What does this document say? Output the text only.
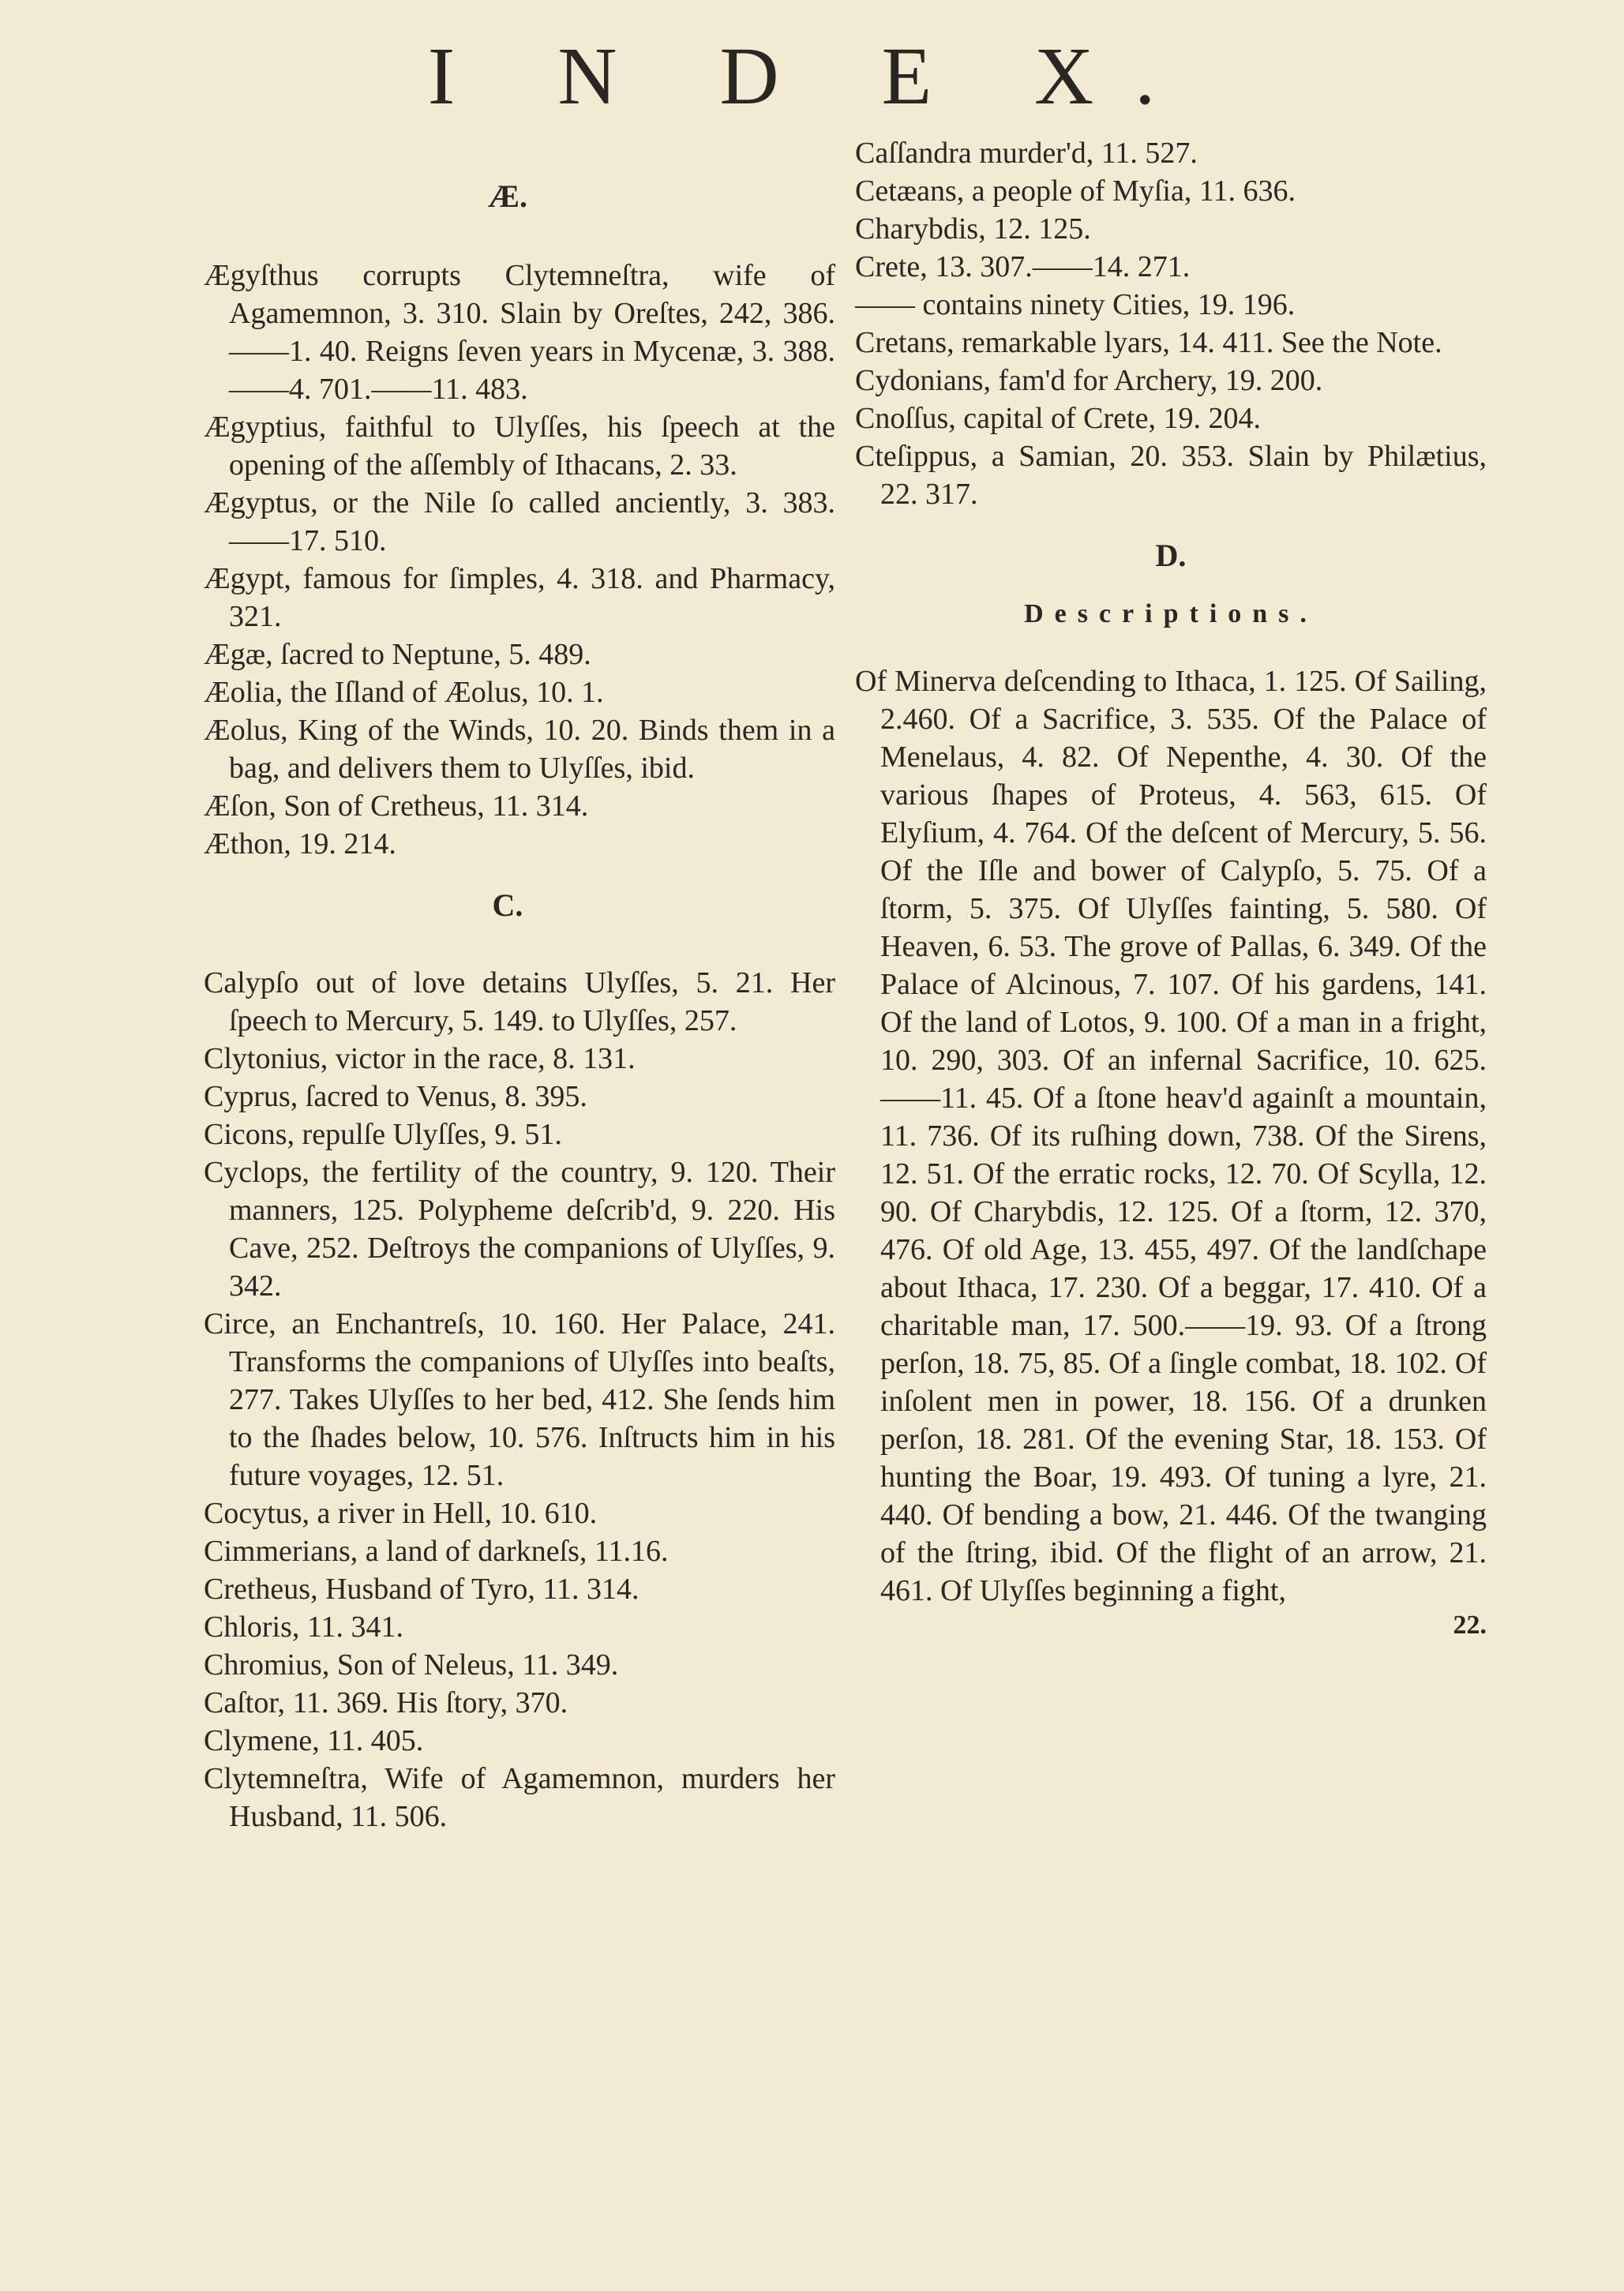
I N D E X.
Æ.

Ægyſthus corrupts Clytemneſtra, wife of Agamemnon, 3. 310. Slain by Oreſtes, 242, 386.——1. 40. Reigns ſeven years in Mycenæ, 3. 388.——4. 701.——11. 483.

Ægyptius, faithful to Ulyſſes, his ſpeech at the opening of the aſſembly of Ithacans, 2. 33.

Ægyptus, or the Nile ſo called anciently, 3. 383.——17. 510.

Ægypt, famous for ſimples, 4. 318. and Pharmacy, 321.

Ægæ, ſacred to Neptune, 5. 489.

Æolia, the Iſland of Æolus, 10. 1.

Æolus, King of the Winds, 10. 20. Binds them in a bag, and delivers them to Ulyſſes, ibid.

Æſon, Son of Cretheus, 11. 314.

Æthon, 19. 214.

C.

Calypſo out of love detains Ulyſſes, 5. 21. Her ſpeech to Mercury, 5. 149. to Ulyſſes, 257.

Clytonius, victor in the race, 8. 131.

Cyprus, ſacred to Venus, 8. 395.

Cicons, repulſe Ulyſſes, 9. 51.

Cyclops, the fertility of the country, 9. 120. Their manners, 125. Polypheme deſcrib'd, 9. 220. His Cave, 252. Deſtroys the companions of Ulyſſes, 9. 342.

Circe, an Enchantreſs, 10. 160. Her Palace, 241. Transforms the companions of Ulyſſes into beaſts, 277. Takes Ulyſſes to her bed, 412. She ſends him to the ſhades below, 10. 576. Inſtructs him in his future voyages, 12. 51.

Cocytus, a river in Hell, 10. 610.

Cimmerians, a land of darkneſs, 11.16.

Cretheus, Husband of Tyro, 11. 314.

Chloris, 11. 341.

Chromius, Son of Neleus, 11. 349.

Caſtor, 11. 369. His ſtory, 370.

Clymene, 11. 405.

Clytemneſtra, Wife of Agamemnon, murders her Husband, 11. 506.

Caſſandra murder'd, 11. 527.

Cetæans, a people of Myſia, 11. 636.

Charybdis, 12. 125.

Crete, 13. 307.——14. 271.

—— contains ninety Cities, 19. 196.

Cretans, remarkable lyars, 14. 411. See the Note.

Cydonians, fam'd for Archery, 19. 200.

Cnoſſus, capital of Crete, 19. 204.

Cteſippus, a Samian, 20. 353. Slain by Philætius, 22. 317.

D.
Descriptions.

Of Minerva deſcending to Ithaca, 1. 125. Of Sailing, 2.460. Of a Sacrifice, 3. 535. Of the Palace of Menelaus, 4. 82. Of Nepenthe, 4. 30. Of the various ſhapes of Proteus, 4. 563, 615. Of Elyſium, 4. 764. Of the deſcent of Mercury, 5. 56. Of the Iſle and bower of Calypſo, 5. 75. Of a ſtorm, 5. 375. Of Ulyſſes fainting, 5. 580. Of Heaven, 6. 53. The grove of Pallas, 6. 349. Of the Palace of Alcinous, 7. 107. Of his gardens, 141. Of the land of Lotos, 9. 100. Of a man in a fright, 10. 290, 303. Of an infernal Sacrifice, 10. 625.——11. 45. Of a ſtone heav'd againſt a mountain, 11. 736. Of its ruſhing down, 738. Of the Sirens, 12. 51. Of the erratic rocks, 12. 70. Of Scylla, 12. 90. Of Charybdis, 12. 125. Of a ſtorm, 12. 370, 476. Of old Age, 13. 455, 497. Of the landſchape about Ithaca, 17. 230. Of a beggar, 17. 410. Of a charitable man, 17. 500.——19. 93. Of a ſtrong perſon, 18. 75, 85. Of a ſingle combat, 18. 102. Of inſolent men in power, 18. 156. Of a drunken perſon, 18. 281. Of the evening Star, 18. 153. Of hunting the Boar, 19. 493. Of tuning a lyre, 21. 440. Of bending a bow, 21. 446. Of the twanging of the ſtring, ibid. Of the flight of an arrow, 21. 461. Of Ulyſſes beginning a fight,

22.
